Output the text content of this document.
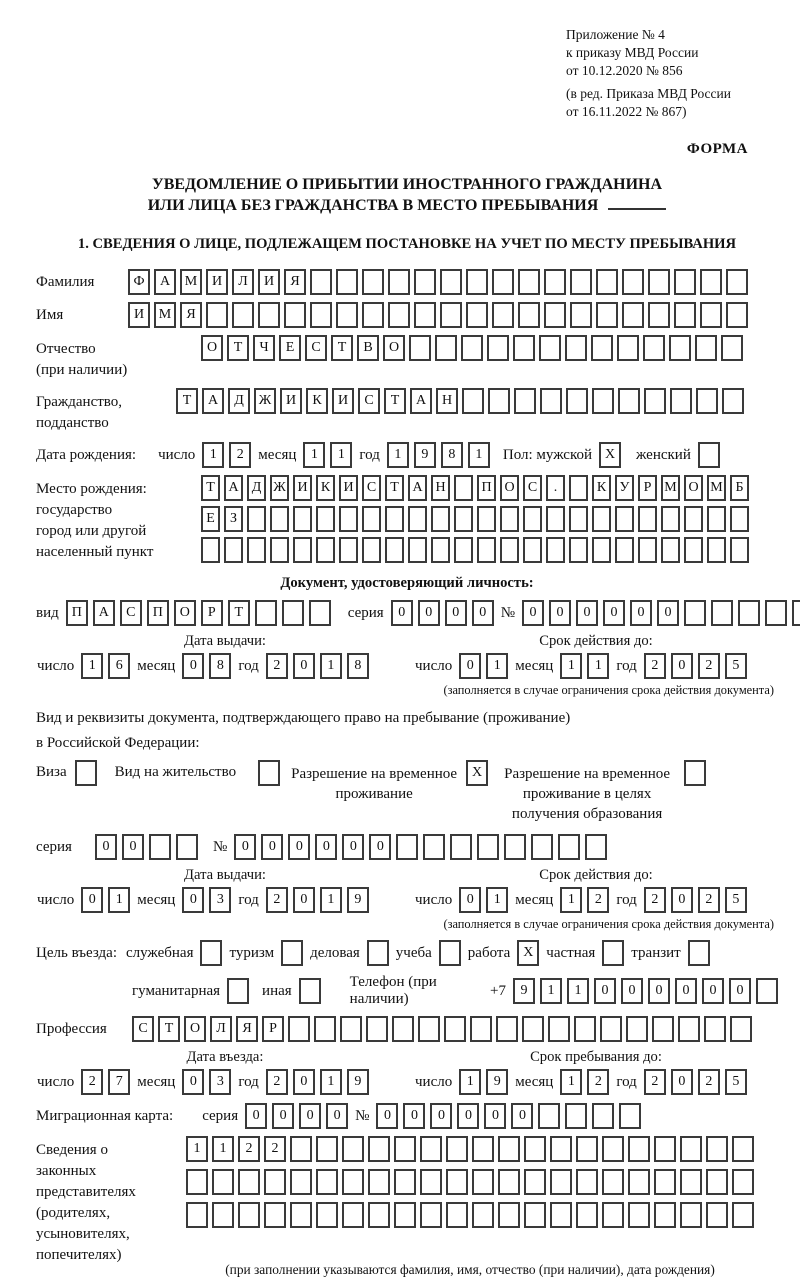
Приложение № 4
к приказу МВД России
от 10.12.2020 № 856
(в ред. Приказа МВД России
от 16.11.2022 № 867)
ФОРМА
УВЕДОМЛЕНИЕ О ПРИБЫТИИ ИНОСТРАННОГО ГРАЖДАНИНА
ИЛИ ЛИЦА БЕЗ ГРАЖДАНСТВА В МЕСТО ПРЕБЫВАНИЯ
1. СВЕДЕНИЯ О ЛИЦЕ, ПОДЛЕЖАЩЕМ ПОСТАНОВКЕ НА УЧЕТ ПО МЕСТУ ПРЕБЫВАНИЯ
Фамилия	Ф	А	М	И	Л	И	Я
Имя	И	М	Я
Отчество
(при наличии)
О	Т	Ч	Е	С	Т	В	О
Гражданство,
подданство
Т	А	Д	Ж	И	К	И	С	Т	А	Н
Дата рождения: число	1	2 месяц	1	1 год	1	9	8	1	Пол: мужской X	женский
Место рождения:
государство
город или другой
населенный пункт
Т А Д Ж И К И С	Т А Н	П О С	.	К У	Р М О М Б
Е	З
Документ, удостоверяющий личность:
вид П	А	С	П	О	Р	Т	серия	0	0	0	0 №	0	0	0	0	0	0
Дата выдачи:
число	1	6 месяц	0	8 год	2	0	1	8
Срок действия до:
число	0	1 месяц	1	1 год	2	0	2	5
(заполняется в случае ограничения срока действия документа)
Вид и реквизиты документа, подтверждающего право на пребывание (проживание)
в Российской Федерации:
Виза	Вид на жительство	Разрешение на временное проживание
X	Разрешение на временное проживание в целях получения образования
серия	0	0	№	0	0	0	0	0	0
Дата выдачи:
число	0	1 месяц	0	3 год	2	0	1	9
Срок действия до:
число	0	1 месяц	1	2 год	2	0	2	5
(заполняется в случае ограничения срока действия документа)
Цель въезда: служебная туризм деловая учеба работа X частная транзит
гуманитарная	иная
Телефон (при наличии)
+7	9	1	1	0	0	0	0	0	0
Профессия	С	Т	О	Л	Я	Р
Дата въезда:
число	2	7 месяц	0	3 год	2	0	1	9
Срок пребывания до:
число	1	9 месяц	1	2 год	2	0	2	5
Миграционная карта: серия	0	0	0	0 №	0	0	0	0	0	0
Сведения о
законных
представителях
(родителях,
усыновителях,
попечителях)
1	1	2	2
(при заполнении указываются фамилия, имя, отчество (при наличии), дата рождения)
